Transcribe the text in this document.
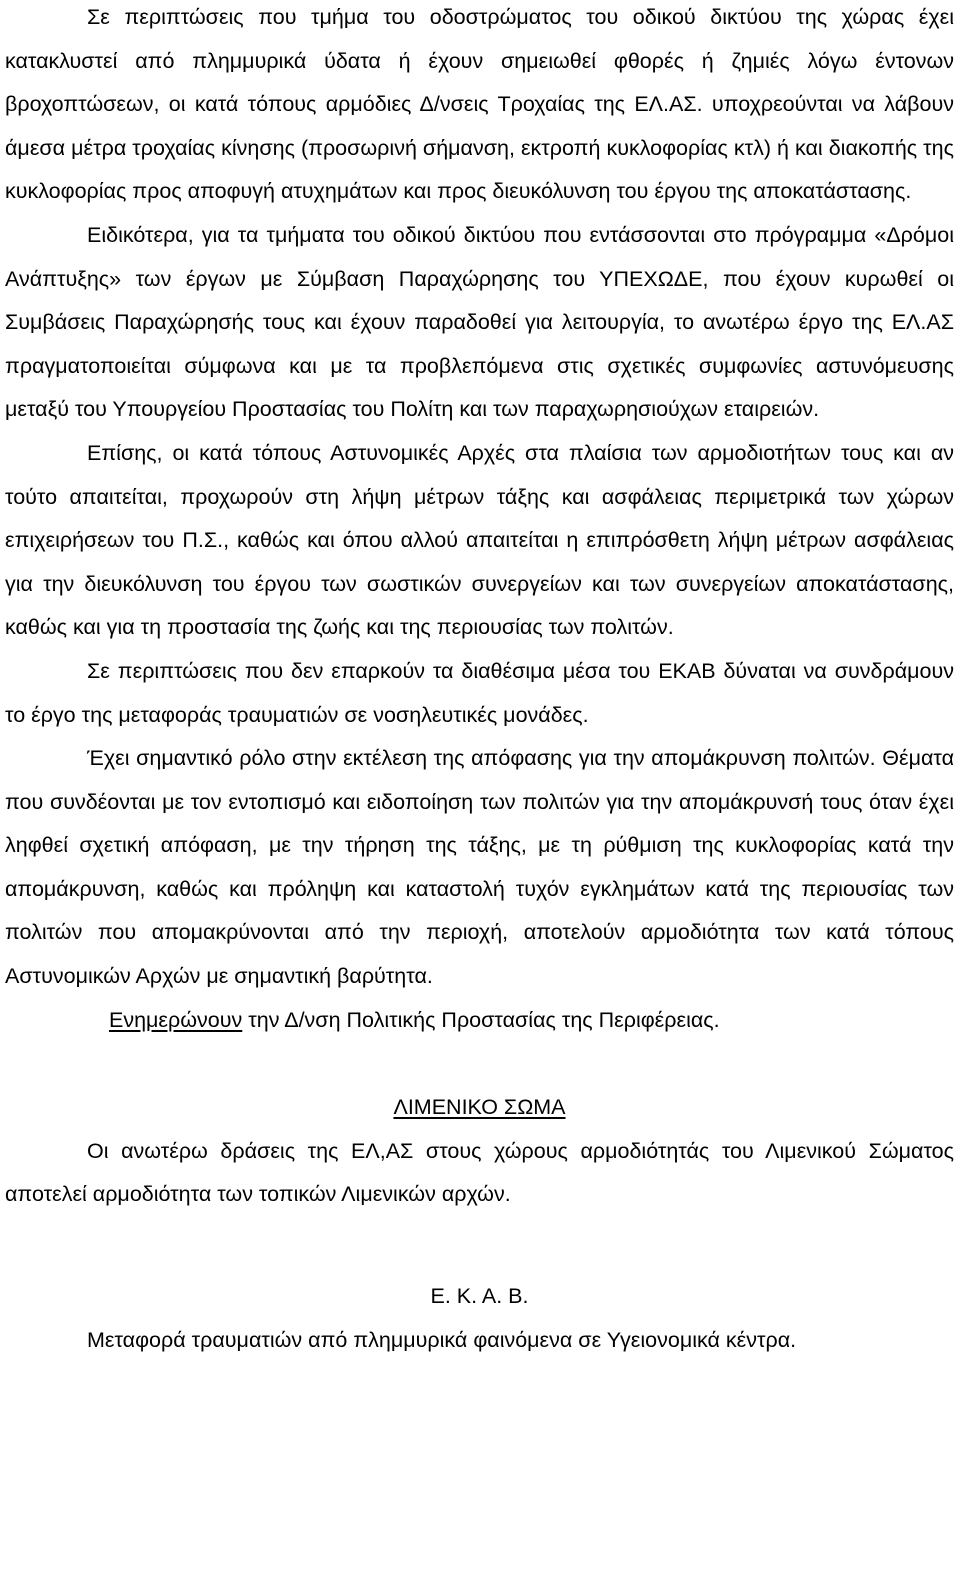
Σε περιπτώσεις που τμήμα του οδοστρώματος του οδικού δικτύου της χώρας έχει κατακλυστεί από πλημμυρικά ύδατα ή έχουν σημειωθεί φθορές ή ζημιές λόγω έντονων βροχοπτώσεων, οι κατά τόπους αρμόδιες Δ/νσεις Τροχαίας της ΕΛ.ΑΣ. υποχρεούνται να λάβουν άμεσα μέτρα τροχαίας κίνησης (προσωρινή σήμανση, εκτροπή κυκλοφορίας κτλ) ή και διακοπής της κυκλοφορίας προς αποφυγή ατυχημάτων και προς διευκόλυνση του έργου της αποκατάστασης.

Ειδικότερα, για τα τμήματα του οδικού δικτύου που εντάσσονται στο πρόγραμμα «Δρόμοι Ανάπτυξης» των έργων με Σύμβαση Παραχώρησης του ΥΠΕΧΩΔΕ, που έχουν κυρωθεί οι Συμβάσεις Παραχώρησής τους και έχουν παραδοθεί για λειτουργία, το ανωτέρω έργο της ΕΛ.ΑΣ πραγματοποιείται σύμφωνα και με τα προβλεπόμενα στις σχετικές συμφωνίες αστυνόμευσης μεταξύ του Υπουργείου Προστασίας του Πολίτη και των παραχωρησιούχων εταιρειών.

Επίσης, οι κατά τόπους Αστυνομικές Αρχές στα πλαίσια των αρμοδιοτήτων τους και αν τούτο απαιτείται, προχωρούν στη λήψη μέτρων τάξης και ασφάλειας περιμετρικά των χώρων επιχειρήσεων του Π.Σ., καθώς και όπου αλλού απαιτείται η επιπρόσθετη λήψη μέτρων ασφάλειας για την διευκόλυνση του έργου των σωστικών συνεργείων και των συνεργείων αποκατάστασης, καθώς και για τη προστασία της ζωής και της περιουσίας των πολιτών.

Σε περιπτώσεις που δεν επαρκούν τα διαθέσιμα μέσα του ΕΚΑΒ δύναται να συνδράμουν το έργο της μεταφοράς τραυματιών σε νοσηλευτικές μονάδες.

Έχει σημαντικό ρόλο στην εκτέλεση της απόφασης για την απομάκρυνση πολιτών. Θέματα που συνδέονται με τον εντοπισμό και ειδοποίηση των πολιτών για την απομάκρυνσή τους όταν έχει ληφθεί σχετική απόφαση, με την τήρηση της τάξης, με τη ρύθμιση της κυκλοφορίας κατά την απομάκρυνση, καθώς και πρόληψη και καταστολή τυχόν εγκλημάτων κατά της περιουσίας των πολιτών που απομακρύνονται από την περιοχή, αποτελούν αρμοδιότητα των κατά τόπους Αστυνομικών Αρχών με σημαντική βαρύτητα.

Ενημερώνουν την Δ/νση Πολιτικής Προστασίας της Περιφέρειας.

ΛΙΜΕΝΙΚΟ ΣΩΜΑ

Οι ανωτέρω δράσεις της ΕΛ,ΑΣ στους χώρους αρμοδιότητάς του Λιμενικού Σώματος αποτελεί αρμοδιότητα των τοπικών Λιμενικών αρχών.

Ε. Κ. Α. Β.

Μεταφορά τραυματιών από πλημμυρικά φαινόμενα σε Υγειονομικά κέντρα.
